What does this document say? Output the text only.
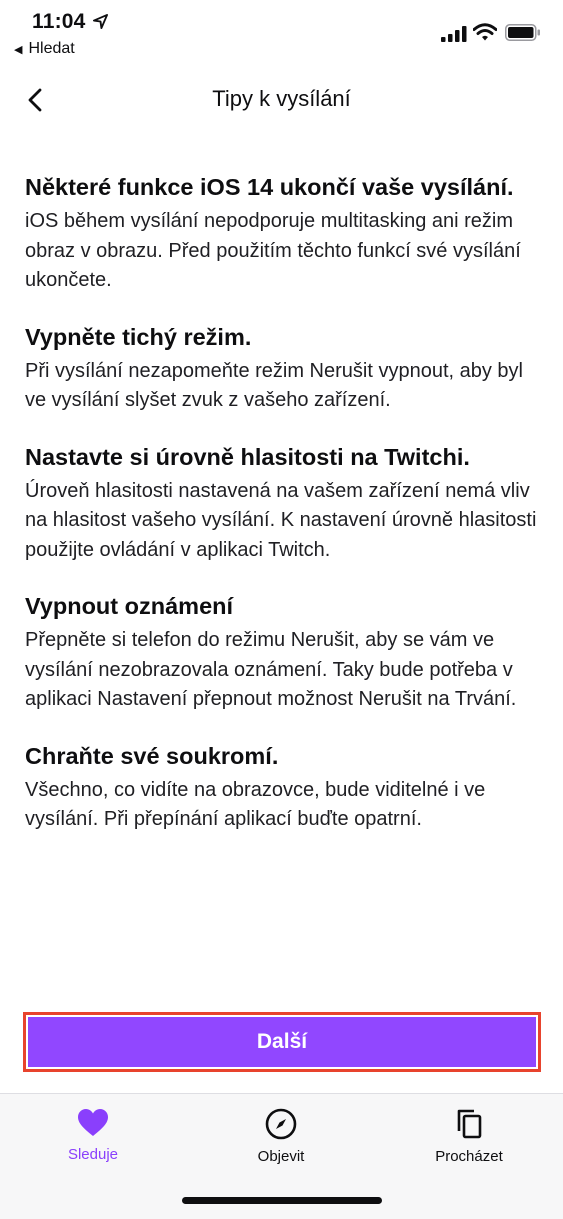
11:04
◀ Hledat
Tipy k vysílání
Některé funkce iOS 14 ukončí vaše vysílání.

iOS během vysílání nepodporuje multitasking ani režim obraz v obrazu. Před použitím těchto funkcí své vysílání ukončete.

Vypněte tichý režim.

Při vysílání nezapomeňte režim Nerušit vypnout, aby byl ve vysílání slyšet zvuk z vašeho zařízení.

Nastavte si úrovně hlasitosti na Twitchi.

Úroveň hlasitosti nastavená na vašem zařízení nemá vliv na hlasitost vašeho vysílání. K nastavení úrovně hlasitosti použijte ovládání v aplikaci Twitch.

Vypnout oznámení

Přepněte si telefon do režimu Nerušit, aby se vám ve vysílání nezobrazovala oznámení. Taky bude potřeba v aplikaci Nastavení přepnout možnost Nerušit na Trvání.

Chraňte své soukromí.

Všechno, co vidíte na obrazovce, bude viditelné i ve vysílání. Při přepínání aplikací buďte opatrní.

Další
Sleduje	Objevit	Procházet
